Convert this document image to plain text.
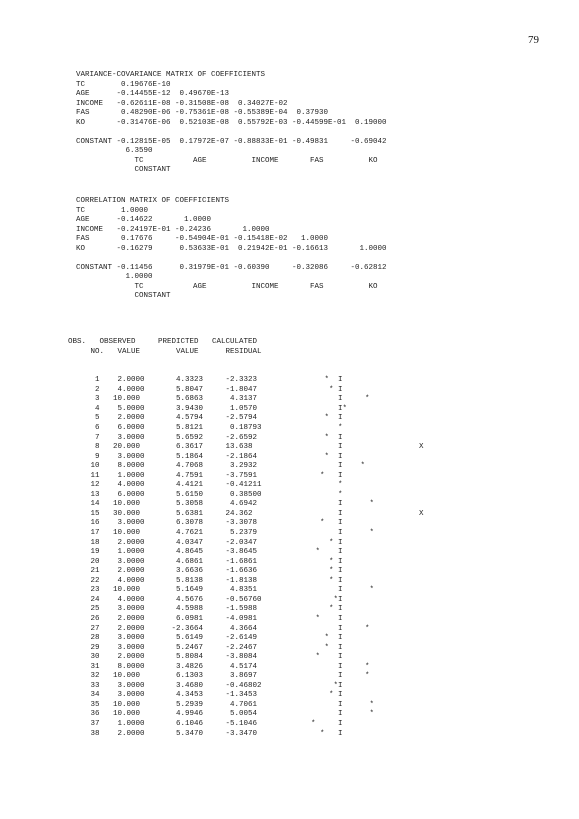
79

VARIANCE-COVARIANCE MATRIX OF COEFFICIENTS
TC        0.19676E-10
AGE      -0.14455E-12  0.49670E-13
INCOME   -0.62611E-08 -0.31508E-08  0.34027E-02
FAS       0.48290E-06 -0.75361E-08 -0.55389E-04  0.37930
KO       -0.31476E-06  0.52103E-08  0.55792E-03 -0.44599E-01  0.19000

CONSTANT -0.12815E-05  0.17972E-07 -0.88833E-01 -0.49831     -0.69042
6.3590
TC           AGE          INCOME       FAS          KO
CONSTANT
CORRELATION MATRIX OF COEFFICIENTS
TC        1.0000
AGE      -0.14622       1.0000
INCOME   -0.24197E-01 -0.24236       1.0000
FAS       0.17676     -0.54904E-01 -0.15418E-02   1.0000
KO       -0.16279      0.53633E-01  0.21942E-01 -0.16613       1.0000

CONSTANT -0.11456      0.31979E-01 -0.60390     -0.32086     -0.62812
1.0000
TC           AGE          INCOME       FAS          KO
CONSTANT

OBS.   OBSERVED     PREDICTED   CALCULATED
NO.   VALUE        VALUE      RESIDUAL

1    2.0000       4.3323     -2.3323               *  I
2    4.0000       5.8047     -1.8047                * I
3   10.000        5.6863      4.3137                  I     *
4    5.0000       3.9430      1.0570                  I*
5    2.0000       4.5794     -2.5794               *  I
6    6.0000       5.8121      0.18793                 *
7    3.0000       5.6592     -2.6592               *  I
8   20.000        6.3617     13.638                   I                 X
9    3.0000       5.1864     -2.1864               *  I
10    8.0000       4.7068      3.2932                  I    *
11    1.0000       4.7591     -3.7591              *   I
12    4.0000       4.4121     -0.41211                 *
13    6.0000       5.6150      0.38500                 *
14   10.000        5.3058      4.6942                  I      *
15   30.000        5.6381     24.362                   I                 X
16    3.0000       6.3078     -3.3078              *   I
17   10.000        4.7621      5.2379                  I      *
18    2.0000       4.0347     -2.0347                * I
19    1.0000       4.8645     -3.8645             *    I
20    3.0000       4.6861     -1.6861                * I
21    2.0000       3.6636     -1.6636                * I
22    4.0000       5.8138     -1.8138                * I
23   10.000        5.1649      4.8351                  I      *
24    4.0000       4.5676     -0.56760                *I
25    3.0000       4.5988     -1.5988                * I
26    2.0000       6.0981     -4.0981             *    I
27    2.0000      -2.3664      4.3664                  I     *
28    3.0000       5.6149     -2.6149               *  I
29    3.0000       5.2467     -2.2467               *  I
30    2.0000       5.8084     -3.8084             *    I
31    8.0000       3.4826      4.5174                  I     *
32   10.000        6.1303      3.8697                  I     *
33    3.0000       3.4680     -0.46802                *I
34    3.0000       4.3453     -1.3453                * I
35   10.000        5.2939      4.7061                  I      *
36   10.000        4.9946      5.0054                  I      *
37    1.0000       6.1046     -5.1046            *     I
38    2.0000       5.3470     -3.3470              *   I
